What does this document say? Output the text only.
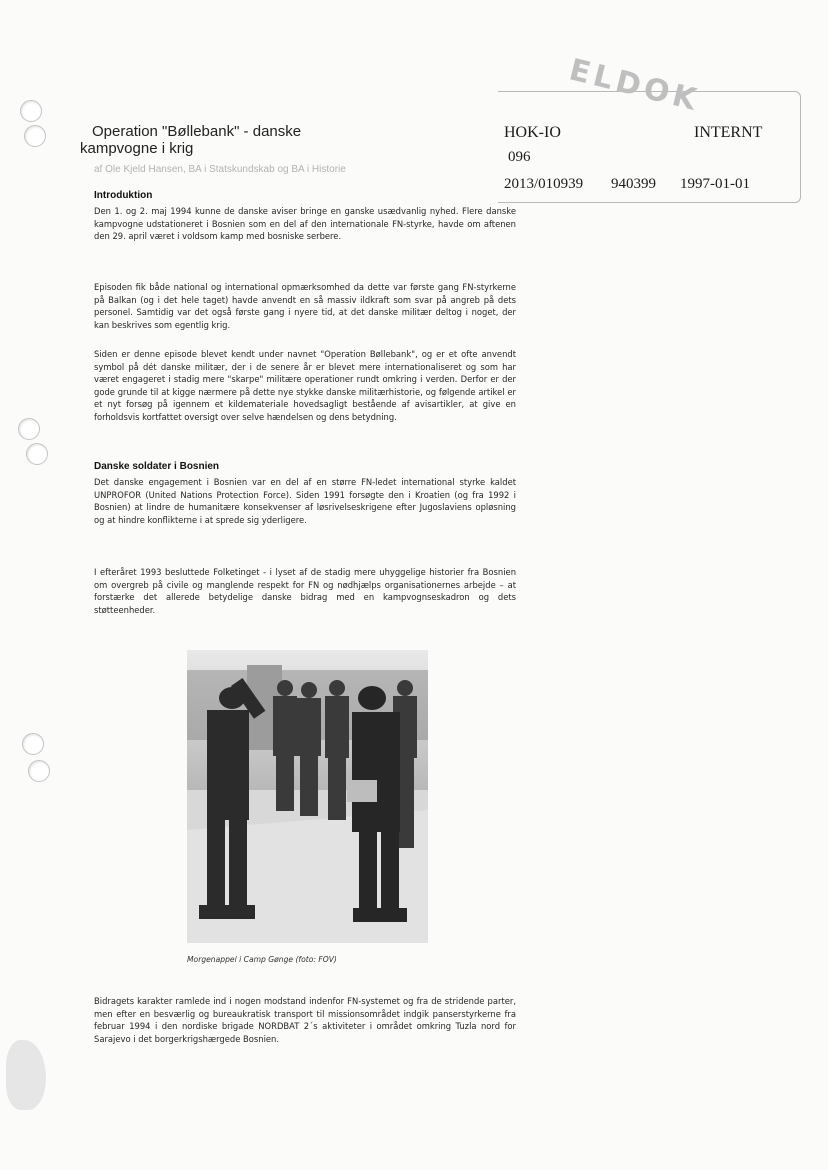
ELDOK
HOK-IO	INTERNT
096
2013/010939 940399 1997-01-01
Operation "Bøllebank" - danske
kampvogne i krig
af Ole Kjeld Hansen, BA i Statskundskab og BA i Historie
Introduktion
Den 1. og 2. maj 1994 kunne de danske aviser bringe en ganske usædvanlig nyhed. Flere danske kampvogne udstationeret i Bosnien som en del af den internationale FN-styrke, havde om aftenen den 29. april været i voldsom kamp med bosniske serbere.
Episoden fik både national og international opmærksomhed da dette var første gang FN-styrkerne på Balkan (og i det hele taget) havde anvendt en så massiv ildkraft som svar på angreb på dets personel. Samtidig var det også første gang i nyere tid, at det danske militær deltog i noget, der kan beskrives som egentlig krig.
Siden er denne episode blevet kendt under navnet "Operation Bøllebank", og er et ofte anvendt symbol på dét danske militær, der i de senere år er blevet mere internationaliseret og som har været engageret i stadig mere "skarpe" militære operationer rundt omkring i verden. Derfor er der gode grunde til at kigge nærmere på dette nye stykke danske militærhistorie, og følgende artikel er et nyt forsøg på igennem et kildemateriale hovedsagligt bestående af avisartikler, at give en forholdsvis kortfattet oversigt over selve hændelsen og dens betydning.
Danske soldater i Bosnien
Det danske engagement i Bosnien var en del af en større FN-ledet international styrke kaldet UNPROFOR (United Nations Protection Force). Siden 1991 forsøgte den i Kroatien (og fra 1992 i Bosnien) at lindre de humanitære konsekvenser af løsrivelseskrigene efter Jugoslaviens opløsning og at hindre konflikterne i at sprede sig yderligere.
I efteråret 1993 besluttede Folketinget - i lyset af de stadig mere uhyggelige historier fra Bosnien om overgreb på civile og manglende respekt for FN og nødhjælps organisationernes arbejde – at forstærke det allerede betydelige danske bidrag med en kampvognseskadron og dets støtteenheder.
Morgenappel i Camp Gønge (foto: FOV)
Bidragets karakter ramlede ind i nogen modstand indenfor FN-systemet og fra de stridende parter, men efter en besværlig og bureaukratisk transport til missionsområdet indgik panserstyrkerne fra februar 1994 i den nordiske brigade NORDBAT 2´s aktiviteter i området omkring Tuzla nord for Sarajevo i det borgerkrigshærgede Bosnien.
